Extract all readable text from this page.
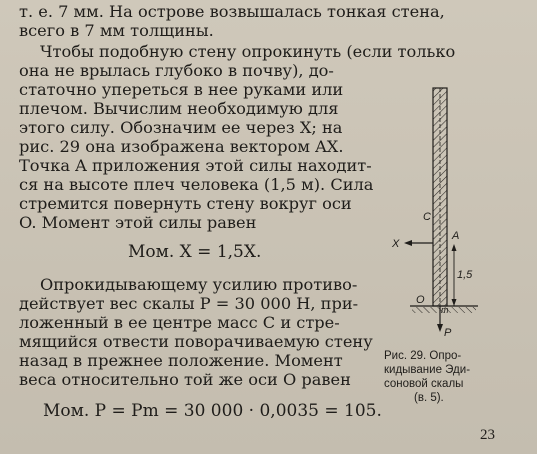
т. е. 7 мм. На острове возвышалась тонкая стена,

всего в 7 мм толщины.

Чтобы подобную стену опрокинуть (если только

она не врылась глубоко в почву), до-

статочно упереться в нее руками или

плечом. Вычислим необходимую для

этого силу. Обозначим ее через X; на

рис. 29 она изображена вектором AX.

Точка A приложения этой силы находит-

ся на высоте плеч человека (1,5 м). Сила

стремится повернуть стену вокруг оси

O. Момент этой силы равен

Мом. X = 1,5X.

Опрокидывающему усилию противо-

действует вес скалы P = 30 000 Н, при-

ложенный в ее центре масс C и стре-

мящийся отвести поворачиваемую стену

назад в прежнее положение. Момент

веса относительно той же оси O равен

Мом. P = Pm = 30 000 · 0,0035 = 105.

C
X
A
1,5
O
m
P
Рис. 29. Опро-
кидывание Эди-
соновой скалы
(в. 5).
23
